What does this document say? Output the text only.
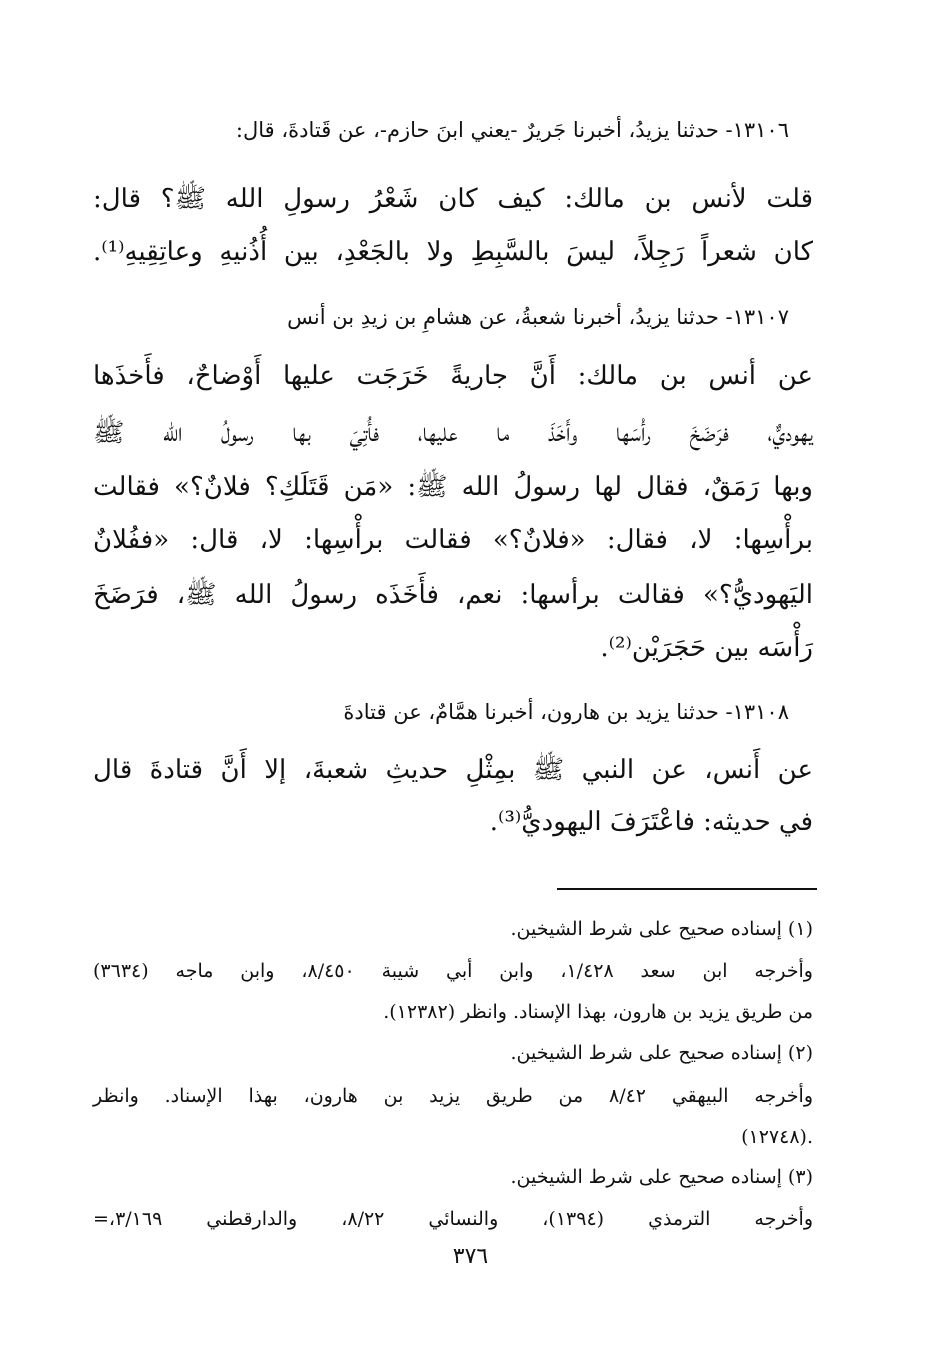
١٣١٠٦- حدثنا يزيدُ، أخبرنا جَريرٌ -يعني ابنَ حازم-، عن قَتادةَ، قال:
قلت لأنس بن مالك: كيف كان شَعْرُ رسولِ الله ﷺ؟ قال:
كان شعراً رَجِلاً، ليسَ بالسَّبِطِ ولا بالجَعْدِ، بين أُذُنيهِ وعاتِقِيهِ⁽¹⁾.
١٣١٠٧- حدثنا يزيدُ، أخبرنا شعبةُ، عن هشامِ بن زيدِ بن أنس
عن أنس بن مالك: أَنَّ جاريةً خَرَجَت عليها أَوْضاحٌ، فأَخذَها
يهوديٌّ، فرَضَخَ رأْسَها وأَخَذَ ما عليها، فأُتِيَ بها رسولُ الله ﷺ
وبها رَمَقٌ، فقال لها رسولُ الله ﷺ: «مَن قَتَلَكِ؟ فلانٌ؟» فقالت
برأْسِها: لا، فقال: «فلانٌ؟» فقالت برأْسِها: لا، قال: «ففُلانٌ
اليَهوديُّ؟» فقالت برأسها: نعم، فأَخَذَه رسولُ الله ﷺ، فرَضَخَ
رَأْسَه بين حَجَرَيْن⁽²⁾.
١٣١٠٨- حدثنا يزيد بن هارون، أخبرنا همَّامٌ، عن قتادةَ
عن أَنس، عن النبي ﷺ بمِثْلِ حديثِ شعبةَ، إلا أَنَّ قتادةَ قال
في حديثه: فاعْتَرَفَ اليهوديُّ⁽³⁾.
(١) إسناده صحيح على شرط الشيخين.
وأخرجه ابن سعد ١/٤٢٨، وابن أبي شيبة ٨/٤٥٠، وابن ماجه (٣٦٣٤)
من طريق يزيد بن هارون، بهذا الإسناد. وانظر (١٢٣٨٢).
(٢) إسناده صحيح على شرط الشيخين.
وأخرجه البيهقي ٨/٤٢ من طريق يزيد بن هارون، بهذا الإسناد. وانظر
(١٢٧٤٨).
(٣) إسناده صحيح على شرط الشيخين.
وأخرجه الترمذي (١٣٩٤)، والنسائي ٨/٢٢، والدارقطني ٣/١٦٩،=
٣٧٦
